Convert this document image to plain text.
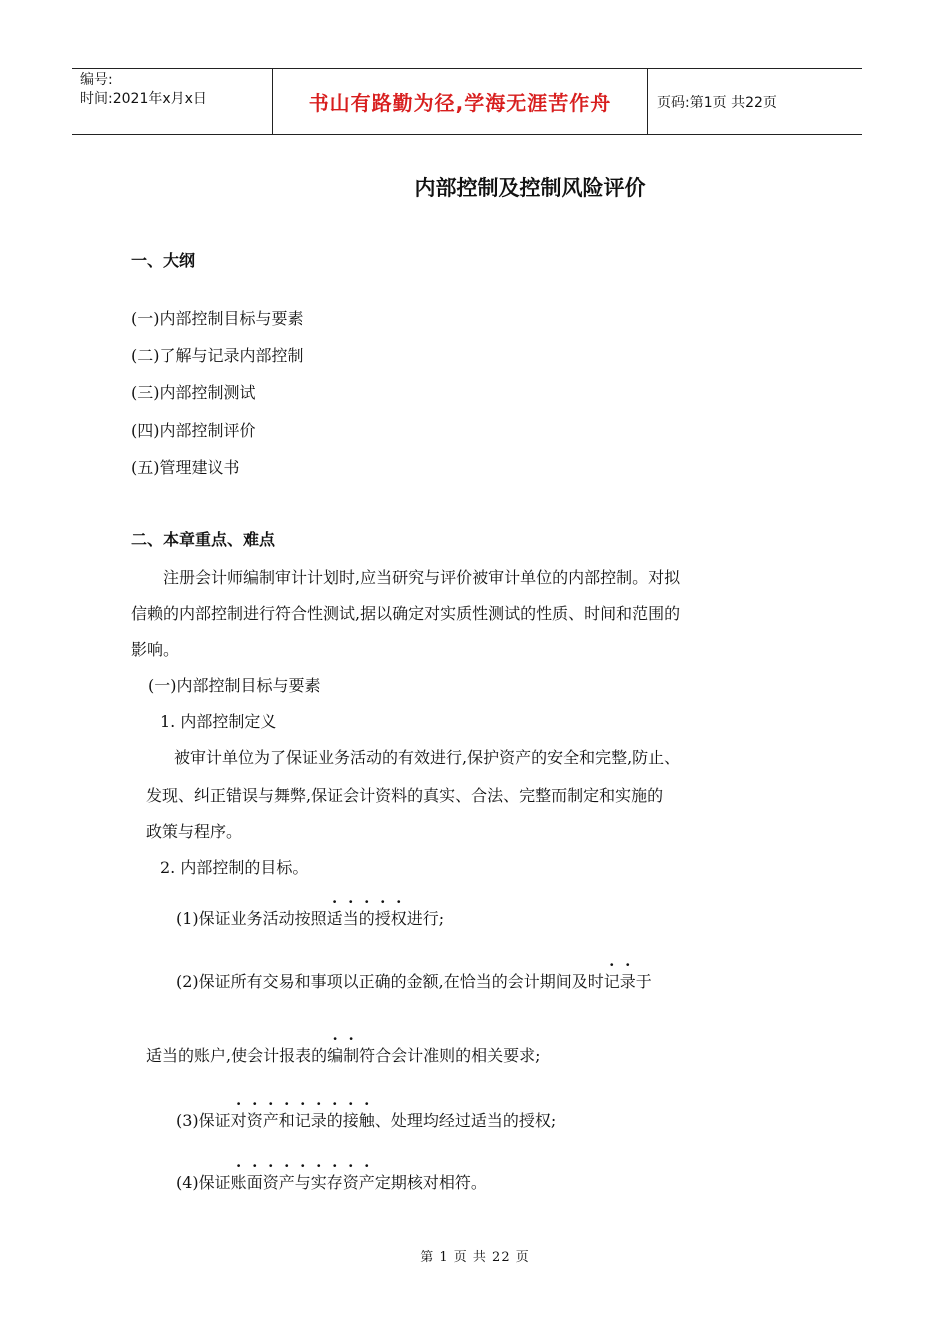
编号:
时间:2021年x月x日	书山有路勤为径,学海无涯苦作舟	页码:第1页 共22页
内部控制及控制风险评价
一、大纲
(一)内部控制目标与要素
(二)了解与记录内部控制
(三)内部控制测试
(四)内部控制评价
(五)管理建议书
二、本章重点、难点
注册会计师编制审计计划时,应当研究与评价被审计单位的内部控制。对拟
信赖的内部控制进行符合性测试,据以确定对实质性测试的性质、时间和范围的
影响。
(一)内部控制目标与要素
1. 内部控制定义
被审计单位为了保证业务活动的有效进行,保护资产的安全和完整,防止、
发现、纠正错误与舞弊,保证会计资料的真实、合法、完整而制定和实施的
政策与程序。
2. 内部控制的目标。
(1)保证业务活动按照适当的授权进行;
(2)保证所有交易和事项以正确的金额,在恰当的会计期间及时记录于
适当的账户,使会计报表的编制符合会计准则的相关要求;
(3)保证对资产和记录的接触、处理均经过适当的授权;
(4)保证账面资产与实存资产定期核对相符。
第 1 页 共 22 页
